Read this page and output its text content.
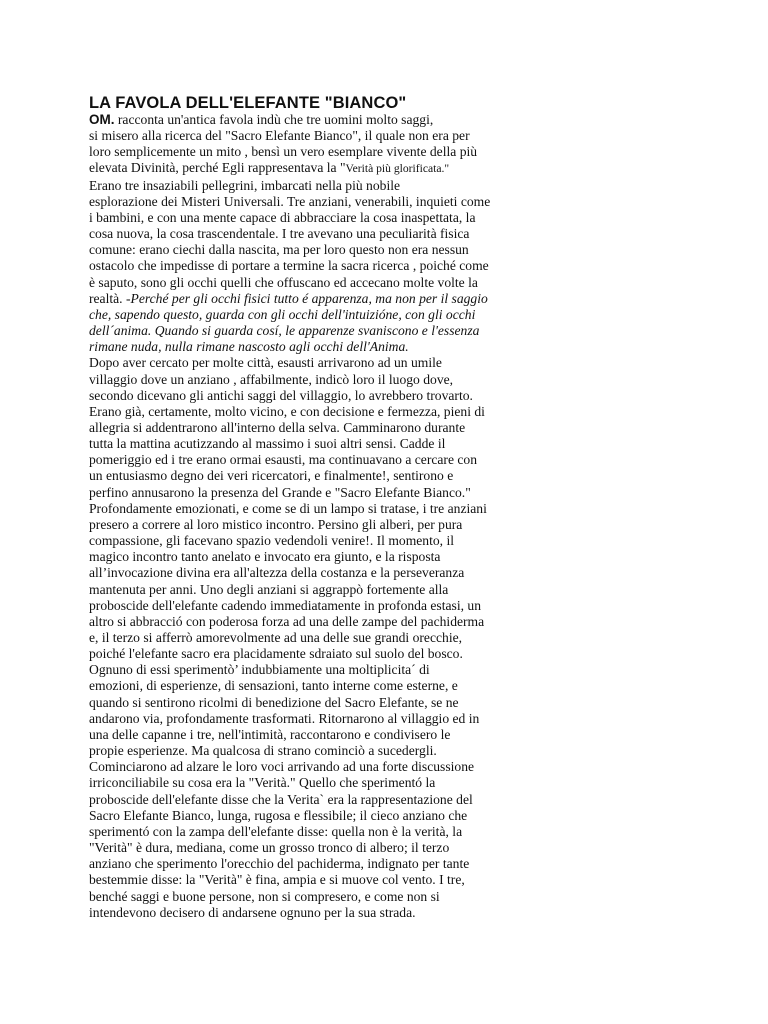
LA FAVOLA DELL'ELEFANTE "BIANCO"
OM. racconta un'antica favola indù che tre uomini molto saggi,
si misero alla ricerca del "Sacro Elefante Bianco", il quale non era per
loro semplicemente un mito , bensì un vero esemplare vivente della più
elevata Divinità, perché Egli rappresentava la "Verità più glorificata."
Erano tre insaziabili pellegrini, imbarcati nella più nobile
esplorazione dei Misteri Universali. Tre anziani, venerabili, inquieti come
i bambini, e con una mente capace di abbracciare la cosa inaspettata, la
cosa nuova, la cosa trascendentale. I tre avevano una peculiarità fisica
comune: erano ciechi dalla nascita, ma per loro questo non era nessun
ostacolo che impedisse di portare a termine la sacra ricerca , poiché come
è saputo, sono gli occhi quelli che offuscano ed accecano molte volte la
realtà. -Perché per gli occhi fisici tutto é apparenza, ma non per il saggio
che, sapendo questo, guarda con gli occhi dell'intuizióne, con gli occhi
dell´anima. Quando si guarda cosí, le apparenze svaniscono e l'essenza
rimane nuda, nulla rimane nascosto agli occhi dell'Anima.
Dopo aver cercato per molte città, esausti arrivarono ad un umile
villaggio dove un anziano , affabilmente, indicò loro il luogo dove,
secondo dicevano gli antichi saggi del villaggio, lo avrebbero trovarto.
Erano già, certamente, molto vicino, e con decisione e fermezza, pieni di
allegria si addentrarono all'interno della selva. Camminarono durante
tutta la mattina acutizzando al massimo i suoi altri sensi. Cadde il
pomeriggio ed i tre erano ormai esausti, ma continuavano a cercare con
un entusiasmo degno dei veri ricercatori, e finalmente!, sentirono e
perfino annusarono la presenza del Grande e "Sacro Elefante Bianco."
Profondamente emozionati, e come se di un lampo si tratase, i tre anziani
presero a correre al loro mistico incontro. Persino gli alberi, per pura
compassione, gli facevano spazio vedendoli venire!. Il momento, il
magico incontro tanto anelato e invocato era giunto, e la risposta
all’invocazione divina era all'altezza della costanza e la perseveranza
mantenuta per anni. Uno degli anziani si aggrappò fortemente alla
proboscide dell'elefante cadendo immediatamente in profonda estasi, un
altro si abbracció con poderosa forza ad una delle zampe del pachiderma
e, il terzo si afferrò amorevolmente ad una delle sue grandi orecchie,
poiché l'elefante sacro era placidamente sdraiato sul suolo del bosco.
Ognuno di essi sperimentò’ indubbiamente una moltiplicita´ di
emozioni, di esperienze, di sensazioni, tanto interne come esterne, e
quando si sentirono ricolmi di benedizione del Sacro Elefante, se ne
andarono via, profondamente trasformati. Ritornarono al villaggio ed in
una delle capanne i tre, nell'intimità, raccontarono e condivisero le
propie esperienze. Ma qualcosa di strano cominciò a sucedergli.
Cominciarono ad alzare le loro voci arrivando ad una forte discussione
irriconciliabile su cosa era la "Verità." Quello che sperimentó la
proboscide dell'elefante disse che la Verita` era la rappresentazione del
Sacro Elefante Bianco, lunga, rugosa e flessibile; il cieco anziano che
sperimentó con la zampa dell'elefante disse: quella non è la verità, la
"Verità" è dura, mediana, come un grosso tronco di albero; il terzo
anziano che sperimento l'orecchio del pachiderma, indignato per tante
bestemmie disse: la "Verità" è fina, ampia e si muove col vento. I tre,
benché saggi e buone persone, non si compresero, e come non si
intendevono decisero di andarsene ognuno per la sua strada.
